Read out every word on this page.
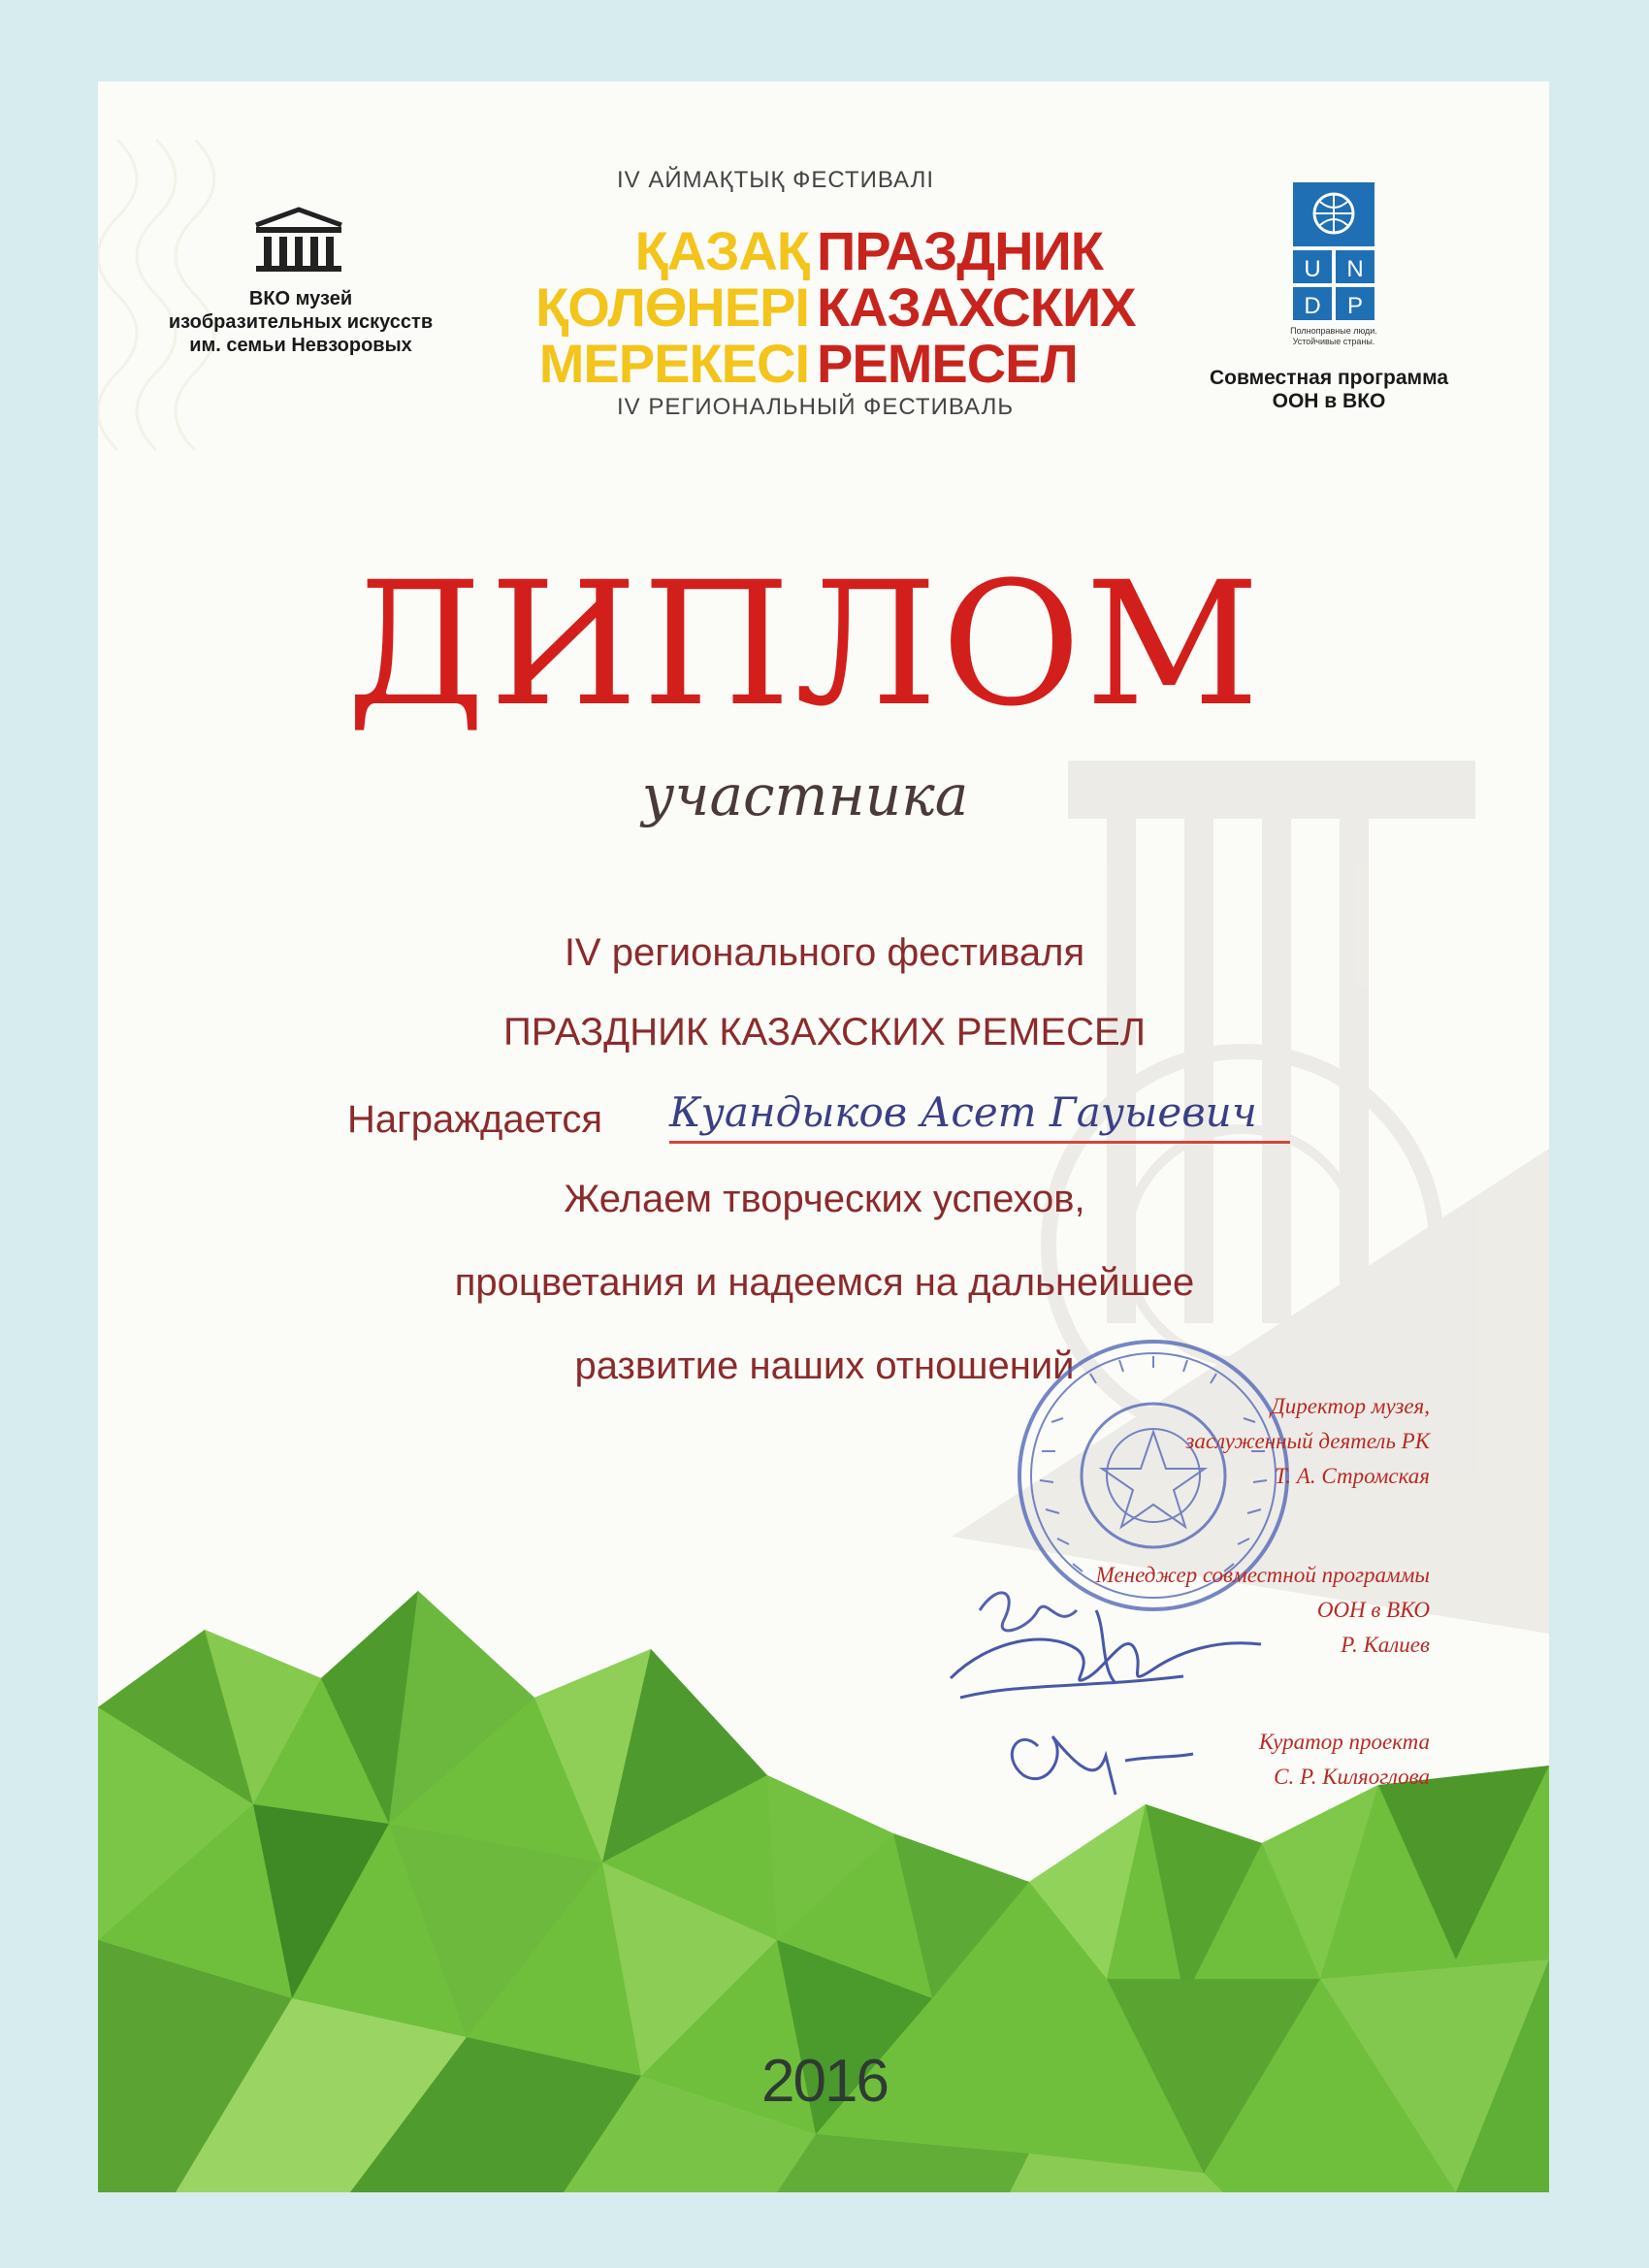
ВКО музей
изобразительных искусств
им. семьи Невзоровых
IV АЙМАҚТЫҚ ФЕСТИВАЛІ
ҚАЗАҚ
ҚОЛӨНЕРІ
МЕРЕКЕСІ
ПРАЗДНИК
КАЗАХСКИХ
РЕМЕСЕЛ
IV РЕГИОНАЛЬНЫЙ ФЕСТИВАЛЬ
U N
D P
Полноправные люди.
Устойчивые страны.
Совместная программа
ООН в ВКО
ДИПЛОМ
участника
IV регионального фестиваля
ПРАЗДНИК КАЗАХСКИХ РЕМЕСЕЛ
Награждается Куандыков Асет Гауыевич
Желаем творческих успехов,
процветания и надеемся на дальнейшее
развитие наших отношений
Директор музея,
заслуженный деятель РК
Т. А. Стромская
Менеджер совместной программы
ООН в ВКО
Р. Калиев
Куратор проекта
С. Р. Киляоглова
2016
